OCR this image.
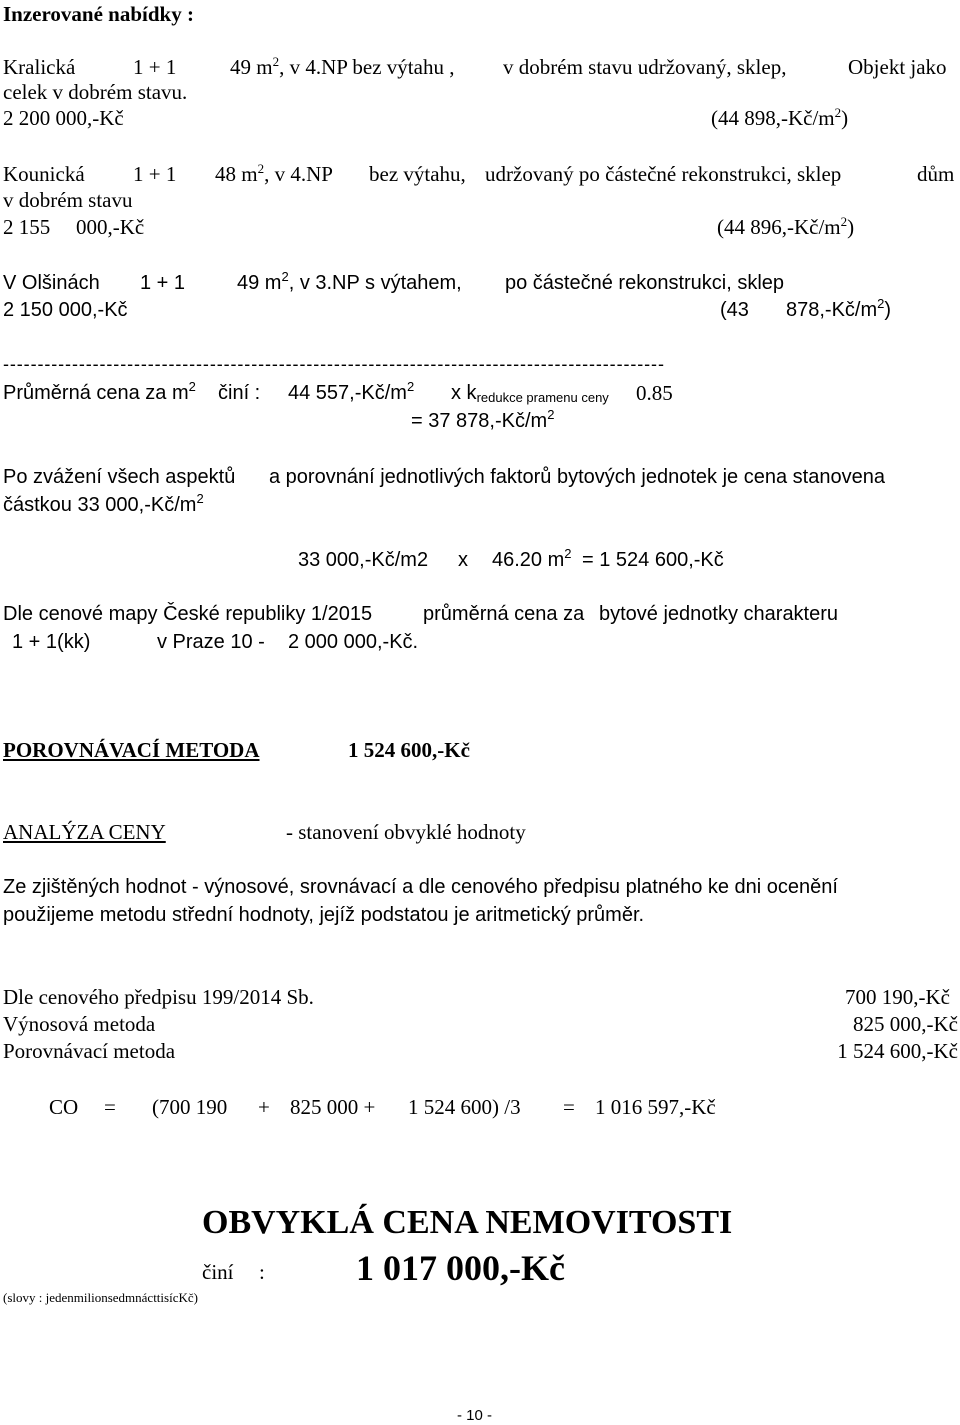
Inzerované nabídky :
Kralická	1 + 1	49 $m^2$, v 4.NP bez výtahu , v dobrém stavu udržovaný, sklep,	Objekt jako
celek v dobrém stavu.
2 200 000,-Kč	(44 $898,-Kč/m^2$)
Kounická 1 + 1 48 $m^2$, v 4.NP bez výtahu, udržovaný po částečné rekonstrukci, sklep	dům
v dobrém stavu
2 155 000,-Kč	(44 $896,-Kč/m^2$)
V Olšinách 1 + 1	49 $m^2$, v 3.NP s výtahem, po částečné rekonstrukci, sklep
2 150 000,-Kč	(43 $878,-Kč/m^2$)
------------------------------------------------------------------------------------------------
Průměrná cena za $m^2$ činí : 44 $557,-Kč/m^2$ x $k_{redukce pramenu ceny}$ 0.85
= 37 $878,-Kč/m^2$
Po zvážení všech aspektů a porovnání jednotlivých faktorů bytových jednotek je cena stanovena
částkou 33 $000,-Kč/m^2$
33 000,-Kč/m2 x 46.20 $m^2 = 1$ 524 600,-Kč
Dle cenové mapy České republiky 1/2015	průměrná cena za bytové jednotky charakteru
1 + 1(kk)	v Praze 10 - 2 000 000,-Kč.
POROVNÁVACÍ METODA	1 524 600,-Kč
ANALÝZA CENY	- stanovení obvyklé hodnoty
Ze zjištěných hodnot - výnosové, srovnávací a dle cenového předpisu platného ke dni ocenění
použijeme metodu střední hodnoty, jejíž podstatou je aritmetický průměr.
Dle cenového předpisu 199/2014 Sb.	700 190,-Kč
Výnosová metoda	825 000,-Kč
Porovnávací metoda	1 524 600,-Kč
CO = (700 190 + 825 000 + 1 524 600) /3 = 1 016 597,-Kč
OBVYKLÁ CENA NEMOVITOSTI
činí :	1 017 000,-Kč
(slovy : jedenmilionsedmnácttisícKč)
- 10 -
